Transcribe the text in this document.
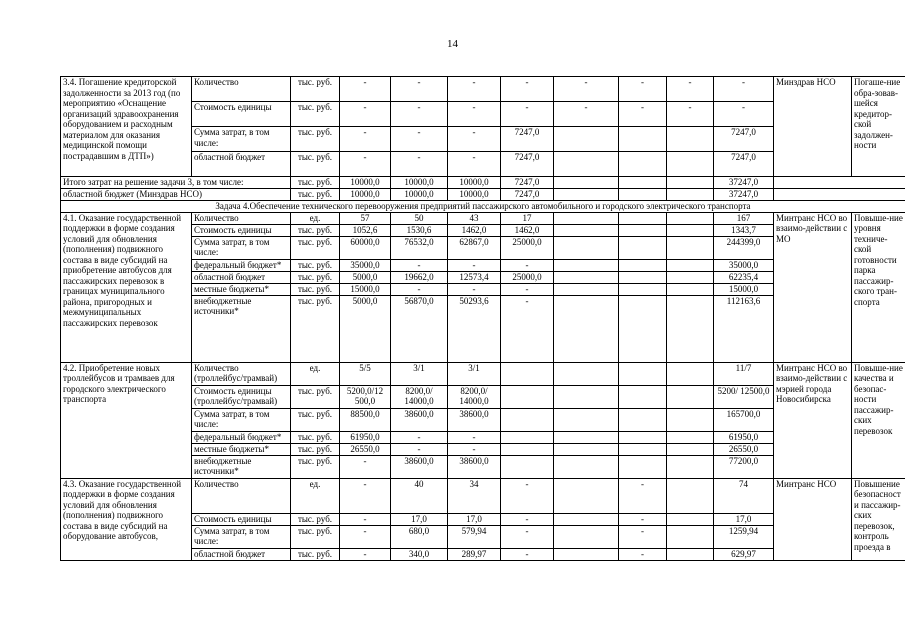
14
3.4. Погашение кредиторской задолженности за 2013 год (по мероприятию «Оснащение организаций здравоохранения оборудованием и расходным материалом для оказания медицинской помощи пострадавшим в ДТП»)	Количество	тыс. руб.	-	-	-	-	-	-	-	-	Минздрав НСО	Погаше-ние обра-зовав-шейся кредитор-ской задолжен-ности
	Стоимость единицы	тыс. руб.	-	-	-	-	-	-	-	-		
	Сумма затрат, в том числе:	тыс. руб.	-	-	-	7247,0				7247,0		
	областной бюджет	тыс. руб.	-	-	-	7247,0				7247,0		
Итого затрат на решение задачи 3, в том числе:		тыс. руб.	10000,0	10000,0	10000,0	7247,0				37247,0		
областной бюджет (Минздрав НСО)		тыс. руб.	10000,0	10000,0	10000,0	7247,0				37247,0		
Задача 4.Обеспечение технического перевооружения предприятий пассажирского автомобильного и городского электрического транспорта												
4.1. Оказание государственной поддержки в форме создания условий для обновления (пополнения) подвижного состава в виде субсидий на приобретение автобусов для пассажирских перевозок в границах муниципального района, пригородных и межмуниципальных пассажирских перевозок	Количество	ед.	57	50	43	17				167	Минтранс НСО во взаимо-действии с МО	Повыше-ние уровня техниче-ской готовности парка пассажир-ского тран-спорта
	Стоимость единицы	тыс. руб.	1052,6	1530,6	1462,0	1462,0				1343,7		
	Сумма затрат, в том числе:	тыс. руб.	60000,0	76532,0	62867,0	25000,0				244399,0		
	федеральный бюджет*	тыс. руб.	35000,0	-	-	-				35000,0		
	областной бюджет	тыс. руб.	5000,0	19662,0	12573,4	25000,0				62235,4		
	местные бюджеты*	тыс. руб.	15000,0	-	-	-				15000,0		
	внебюджетные источники*	тыс. руб.	5000,0	56870,0	50293,6	-				112163,6		
4.2. Приобретение новых троллейбусов и трамваев для городского электрического транспорта	Количество (троллейбус/трамвай)	ед.	5/5	3/1	3/1					11/7	Минтранс НСО во взаимо-действии с мэрией города Новосибирска	Повыше-ние качества и безопас-ности пассажир-ских перевозок
	Стоимость единицы (троллейбус/трамвай)	тыс. руб.	5200,0/12 500,0	8200,0/ 14000,0	8200,0/ 14000,0					5200/ 12500,0		
	Сумма затрат, в том числе:	тыс. руб.	88500,0	38600,0	38600,0					165700,0		
	федеральный бюджет*	тыс. руб.	61950,0	-	-					61950,0		
	местные бюджеты*	тыс. руб.	26550,0	-	-					26550,0		
	внебюджетные источники*	тыс. руб.	-	38600,0	38600,0					77200,0		
4.3. Оказание государственной поддержки в форме создания условий для обновления (пополнения) подвижного состава в виде субсидий на оборудование автобусов,	Количество	ед.	-	40	34	-		-		74	Минтранс НСО	Повышение безопасност и пассажир-ских перевозок, контроль проезда в
	Стоимость единицы	тыс. руб.	-	17,0	17,0	-		-		17,0		
	Сумма затрат, в том числе:	тыс. руб.	-	680,0	579,94	-		-		1259,94		
	областной бюджет	тыс. руб.	-	340,0	289,97	-		-		629,97		
